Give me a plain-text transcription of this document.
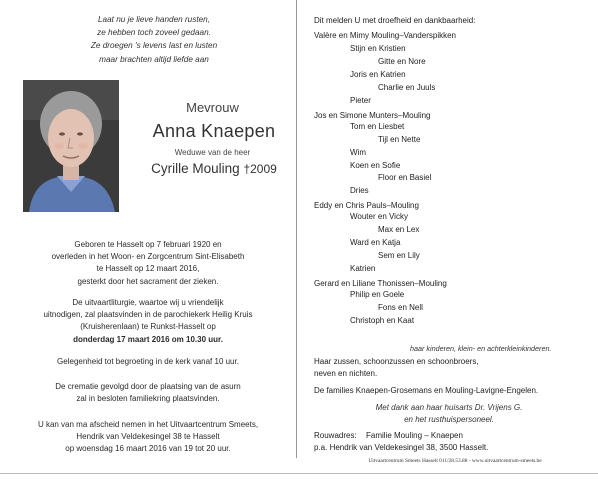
Laat nu je lieve handen rusten,
ze hebben toch zoveel gedaan.
Ze droegen 's levens last en lusten
maar brachten altijd liefde aan
Mevrouw
Anna Knaepen
Weduwe van de heer
Cyrille Mouling †2009
Geboren te Hasselt op 7 februari 1920 en
overleden in het Woon- en Zorgcentrum Sint-Elisabeth
te Hasselt op 12 maart 2016,
gesterkt door het sacrament der zieken.
De uitvaartliturgie, waartoe wij u vriendelijk
uitnodigen, zal plaatsvinden in de parochiekerk Heilig Kruis
(Kruisherenlaan) te Runkst-Hasselt op
donderdag 17 maart 2016 om 10.30 uur.
Gelegenheid tot begroeting in de kerk vanaf 10 uur.
De crematie gevolgd door de plaatsing van de asurn
zal in besloten familiekring plaatsvinden.
U kan van ma afscheid nemen in het Uitvaartcentrum Smeets,
Hendrik van Veldekesingel 38 te Hasselt
op woensdag 16 maart 2016 van 19 tot 20 uur.
Dit melden U met droefheid en dankbaarheid:
Valère en Mimy Mouling–Vanderspikken
Stijn en Kristien
Gitte en Nore
Joris en Katrien
Charlie en Juuls
Pieter
Jos en Simone Munters–Mouling
Tom en Liesbet
Tijl en Nette
Wim
Koen en Sofie
Floor en Basiel
Dries
Eddy en Chris Pauls–Mouling
Wouter en Vicky
Max en Lex
Ward en Katja
Sem en Lily
Katrien
Gerard en Liliane Thonissen–Mouling
Philip en Goele
Fons en Nell
Christoph en Kaat
haar kinderen, klein- en achterkleinkinderen.
Haar zussen, schoonzussen en schoonbroers,
neven en nichten.
De families Knaepen-Grosemans en Mouling-Lavigne-Engelen.
Met dank aan haar huisarts Dr. Vrijens G.
en het rusthuispersoneel.
Rouwadres: Familie Mouling – Knaepen
p.a. Hendrik van Veldekesingel 38, 3500 Hasselt.
Uitvaartcentrum Smeets Hasselt 011/28.53.88 - www.uitvaartcentrum-smeets.be
